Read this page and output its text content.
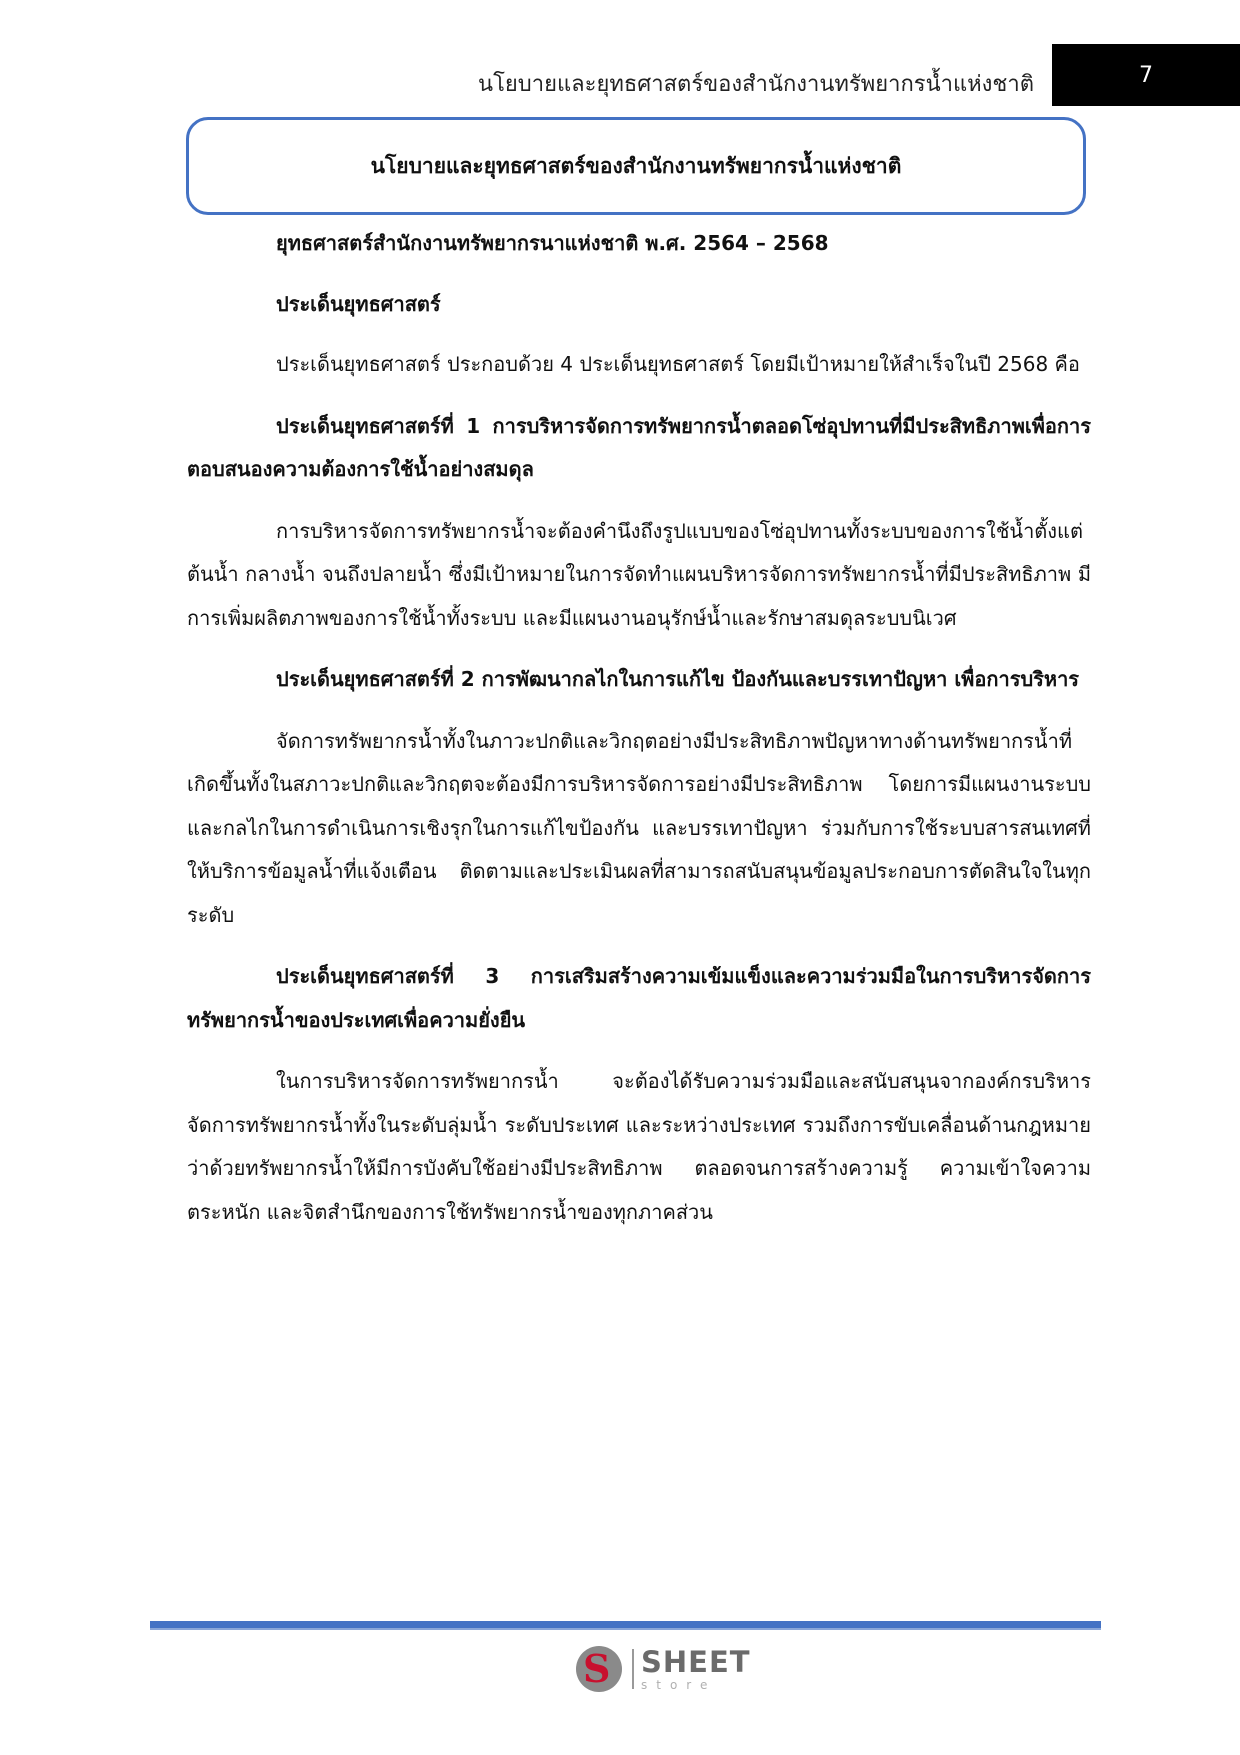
นโยบายและยุทธศาสตร์ของสำนักงานทรัพยากรน้ำแห่งชาติ	7
นโยบายและยุทธศาสตร์ของสำนักงานทรัพยากรน้ำแห่งชาติ

ยุทธศาสตร์สำนักงานทรัพยากรนาแห่งชาติ พ.ศ. 2564 – 2568

ประเด็นยุทธศาสตร์

ประเด็นยุทธศาสตร์ ประกอบด้วย 4 ประเด็นยุทธศาสตร์ โดยมีเป้าหมายให้สำเร็จในปี 2568 คือ

ประเด็นยุทธศาสตร์ที่ 1 การบริหารจัดการทรัพยากรน้ำตลอดโซ่อุปทานที่มีประสิทธิภาพเพื่อการตอบสนองความต้องการใช้น้ำอย่างสมดุล

การบริหารจัดการทรัพยากรน้ำจะต้องคำนึงถึงรูปแบบของโซ่อุปทานทั้งระบบของการใช้น้ำตั้งแต่ต้นน้ำ กลางน้ำ จนถึงปลายน้ำ ซึ่งมีเป้าหมายในการจัดทำแผนบริหารจัดการทรัพยากรน้ำที่มีประสิทธิภาพ มีการเพิ่มผลิตภาพของการใช้น้ำทั้งระบบ และมีแผนงานอนุรักษ์น้ำและรักษาสมดุลระบบนิเวศ

ประเด็นยุทธศาสตร์ที่ 2 การพัฒนากลไกในการแก้ไข ป้องกันและบรรเทาปัญหา เพื่อการบริหาร

จัดการทรัพยากรน้ำทั้งในภาวะปกติและวิกฤตอย่างมีประสิทธิภาพปัญหาทางด้านทรัพยากรน้ำที่เกิดขึ้นทั้งในสภาวะปกติและวิกฤตจะต้องมีการบริหารจัดการอย่างมีประสิทธิภาพ โดยการมีแผนงานระบบและกลไกในการดำเนินการเชิงรุกในการแก้ไขป้องกัน และบรรเทาปัญหา ร่วมกับการใช้ระบบสารสนเทศที่ให้บริการข้อมูลน้ำที่แจ้งเตือน ติดตามและประเมินผลที่สามารถสนับสนุนข้อมูลประกอบการตัดสินใจในทุกระดับ

ประเด็นยุทธศาสตร์ที่ 3 การเสริมสร้างความเข้มแข็งและความร่วมมือในการบริหารจัดการทรัพยากรน้ำของประเทศเพื่อความยั่งยืน

ในการบริหารจัดการทรัพยากรน้ำ จะต้องได้รับความร่วมมือและสนับสนุนจากองค์กรบริหารจัดการทรัพยากรน้ำทั้งในระดับลุ่มน้ำ ระดับประเทศ และระหว่างประเทศ รวมถึงการขับเคลื่อนด้านกฎหมายว่าด้วยทรัพยากรน้ำให้มีการบังคับใช้อย่างมีประสิทธิภาพ ตลอดจนการสร้างความรู้ ความเข้าใจความตระหนัก และจิตสำนึกของการใช้ทรัพยากรน้ำของทุกภาคส่วน

S SHEET
store
